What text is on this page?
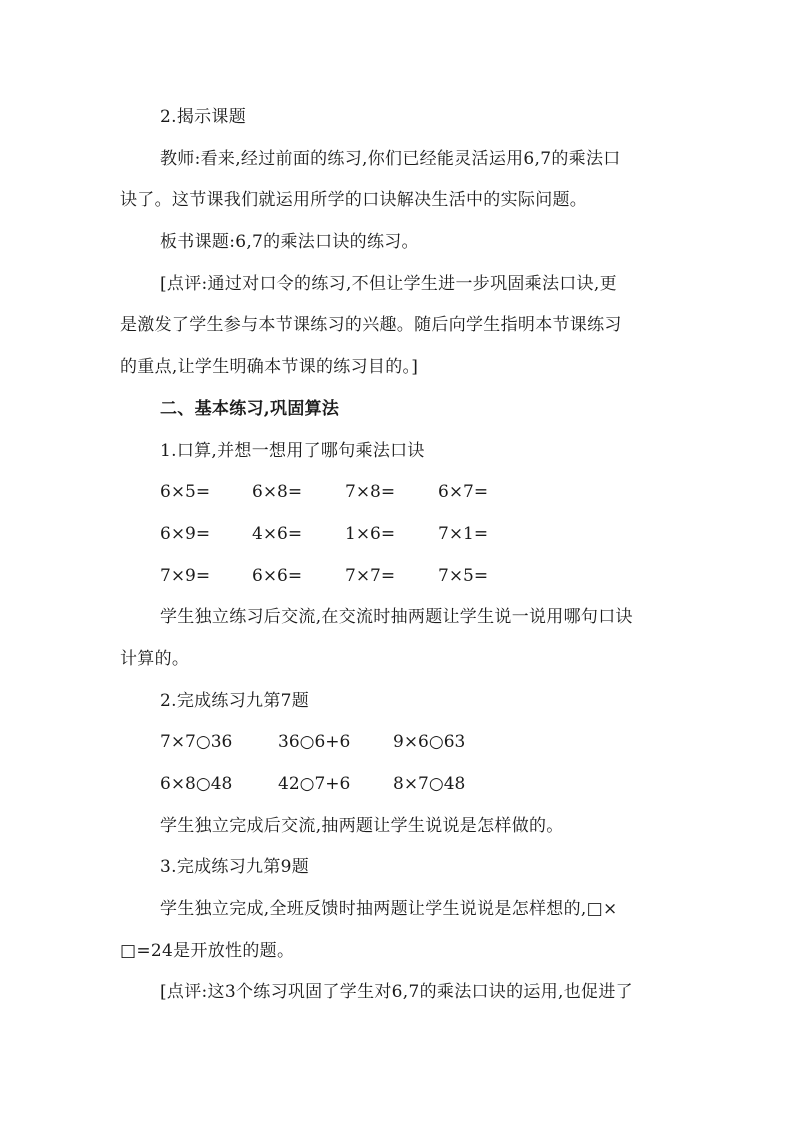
2.揭示课题
教师:看来,经过前面的练习,你们已经能灵活运用6,7的乘法口
诀了。这节课我们就运用所学的口诀解决生活中的实际问题。
板书课题:6,7的乘法口诀的练习。
[点评:通过对口令的练习,不但让学生进一步巩固乘法口诀,更
是激发了学生参与本节课练习的兴趣。随后向学生指明本节课练习
的重点,让学生明确本节课的练习目的。]
二、基本练习,巩固算法
1.口算,并想一想用了哪句乘法口诀
6×5= 6×8=	7×8=	6×7=
6×9= 4×6=	1×6=	7×1=
7×9= 6×6=	7×7=	7×5=
学生独立练习后交流,在交流时抽两题让学生说一说用哪句口诀
计算的。
2.完成练习九第7题
7×7○36	36○6+6	9×6○63
6×8○48	42○7+6	8×7○48
学生独立完成后交流,抽两题让学生说说是怎样做的。
3.完成练习九第9题
学生独立完成,全班反馈时抽两题让学生说说是怎样想的,□×
□=24是开放性的题。
[点评:这3个练习巩固了学生对6,7的乘法口诀的运用,也促进了
